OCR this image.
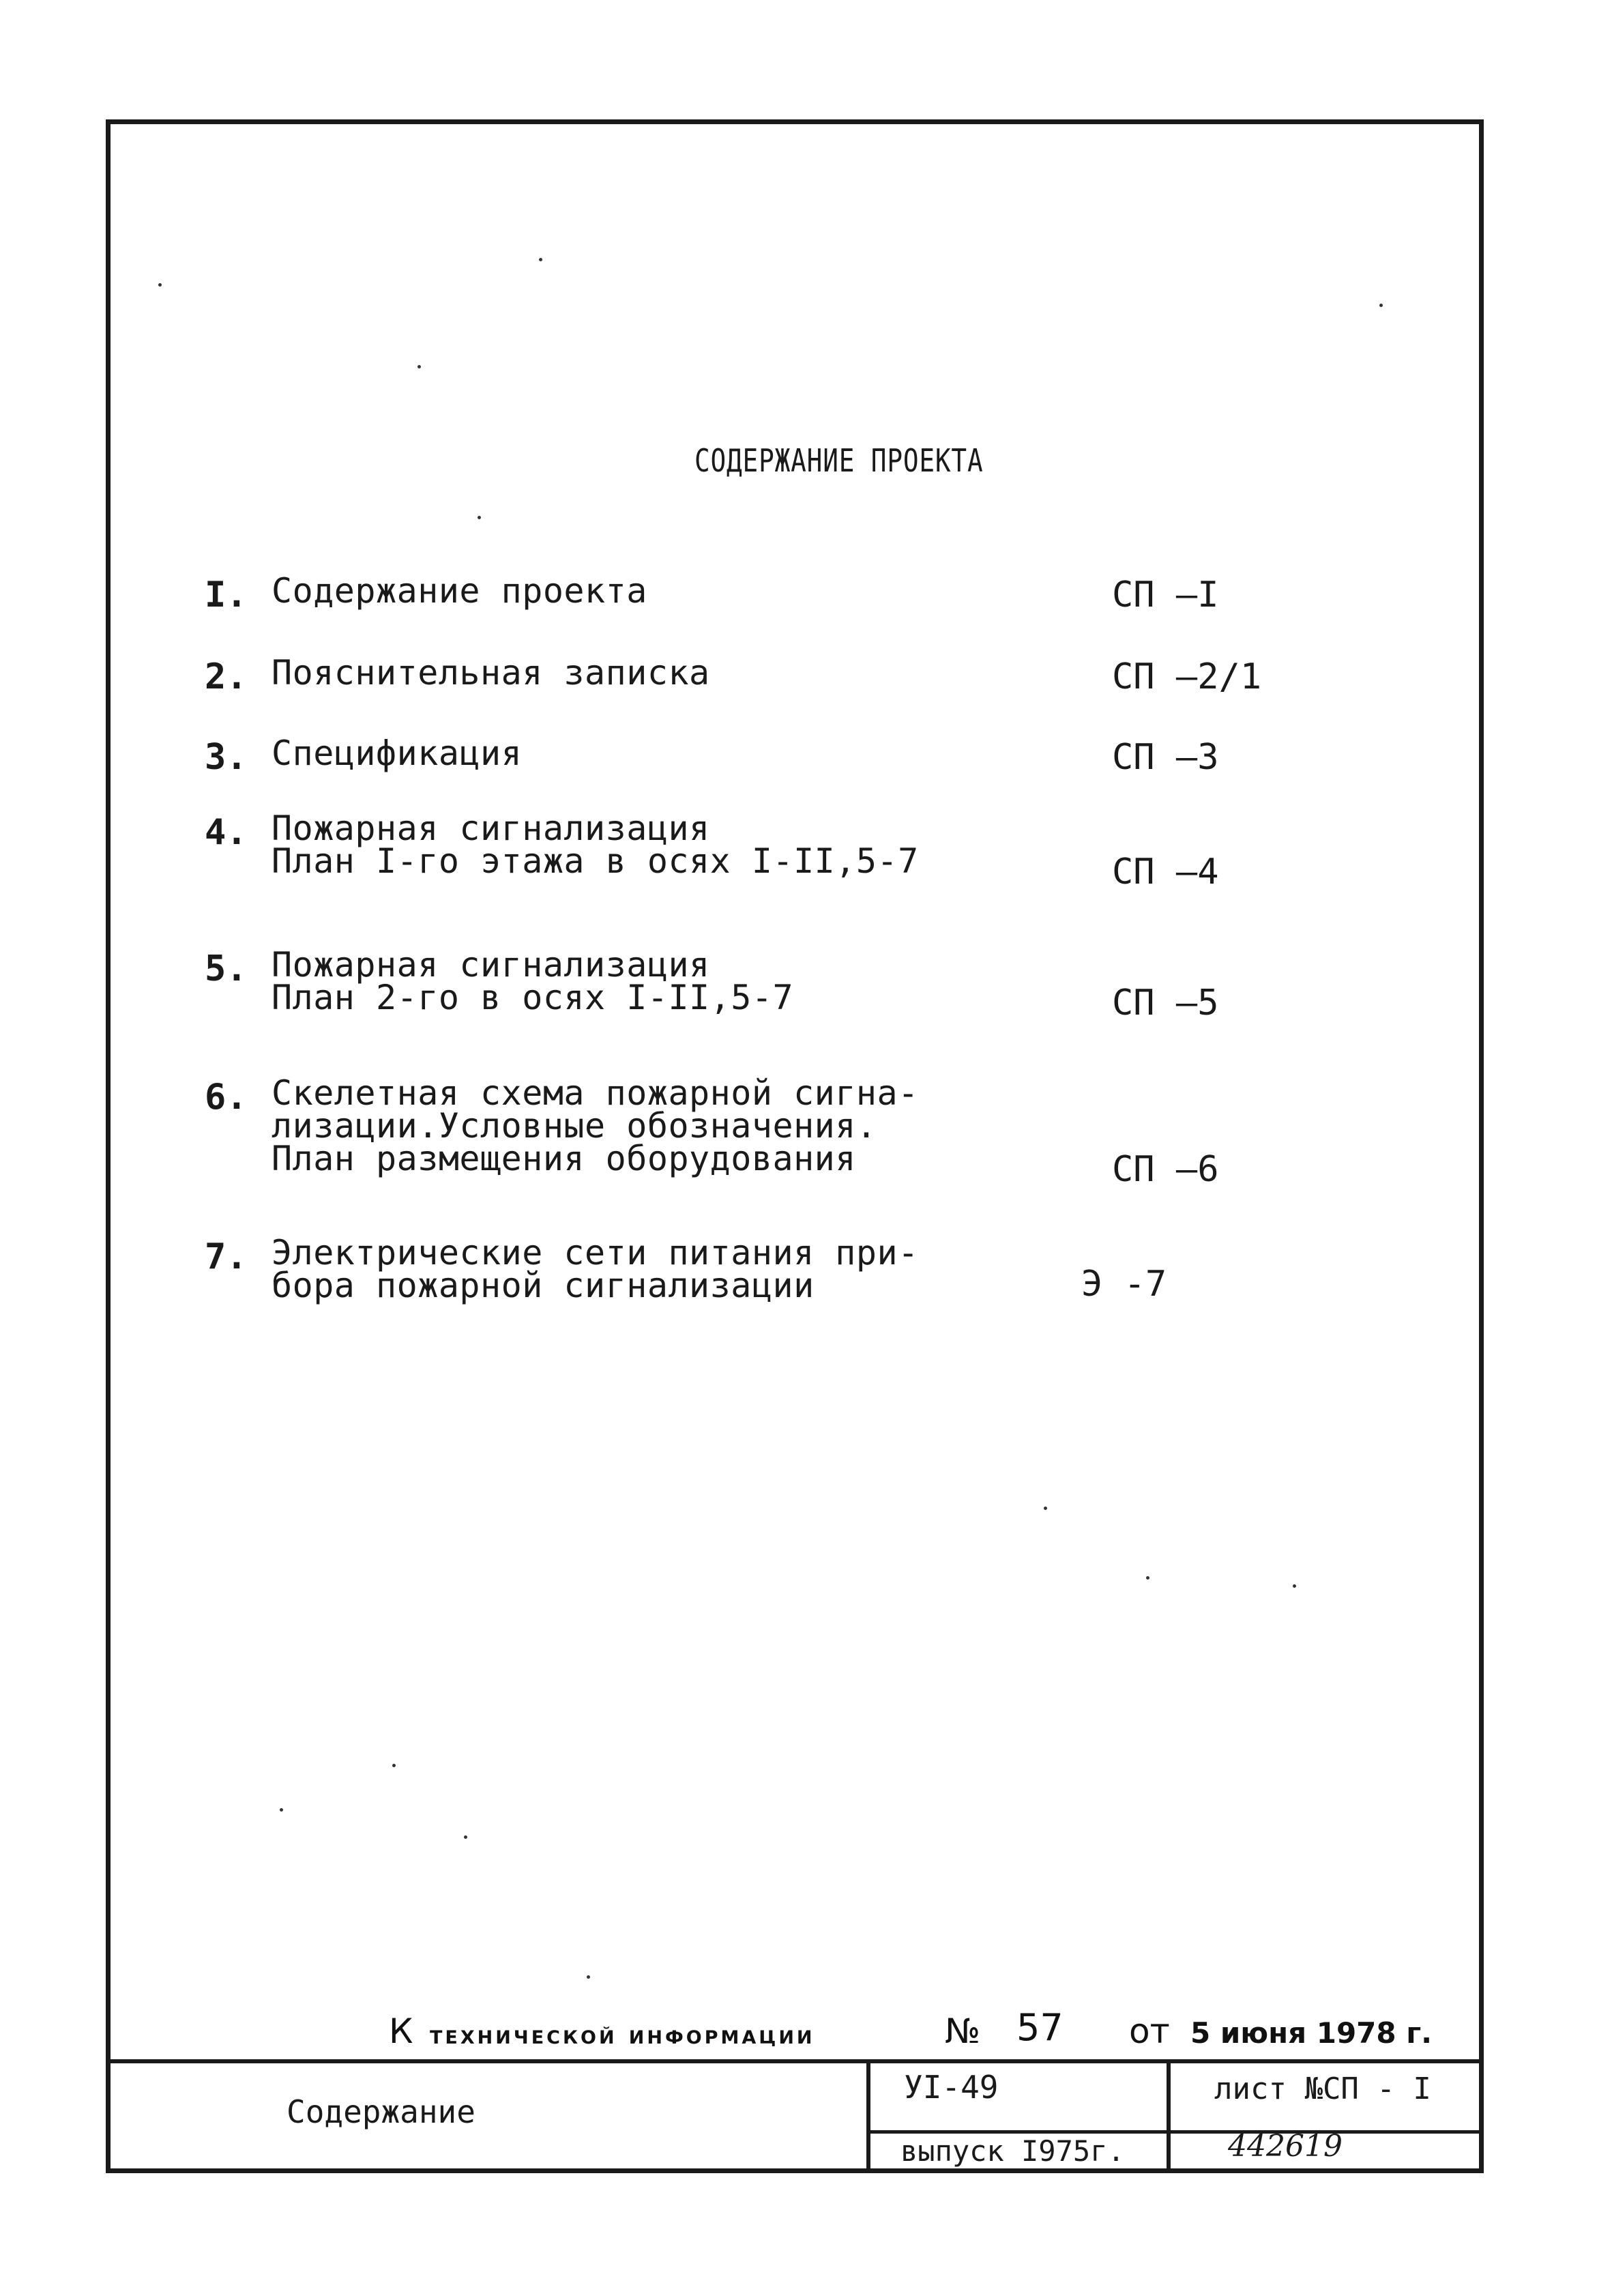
СОДЕРЖАНИЕ ПРОЕКТА
I. Содержание проекта	СП –I
2. Пояснительная записка	СП –2/1
3. Спецификация	СП –3
4. Пожарная сигнализация
План I-го этажа в осях I-II,5-7	СП –4
5. Пожарная сигнализация
План 2-го в осях I-II,5-7	СП –5
6. Скелетная схема пожарной сигна-
лизации.Условные обозначения.
План размещения оборудования	СП –6
7. Электрические сети питания при-
бора пожарной сигнализации	Э -7
К технической информации	№ 57 от 5 июня 1978 г.
Содержание
УI-49
выпуск I975г.
лист №СП - I
442619
